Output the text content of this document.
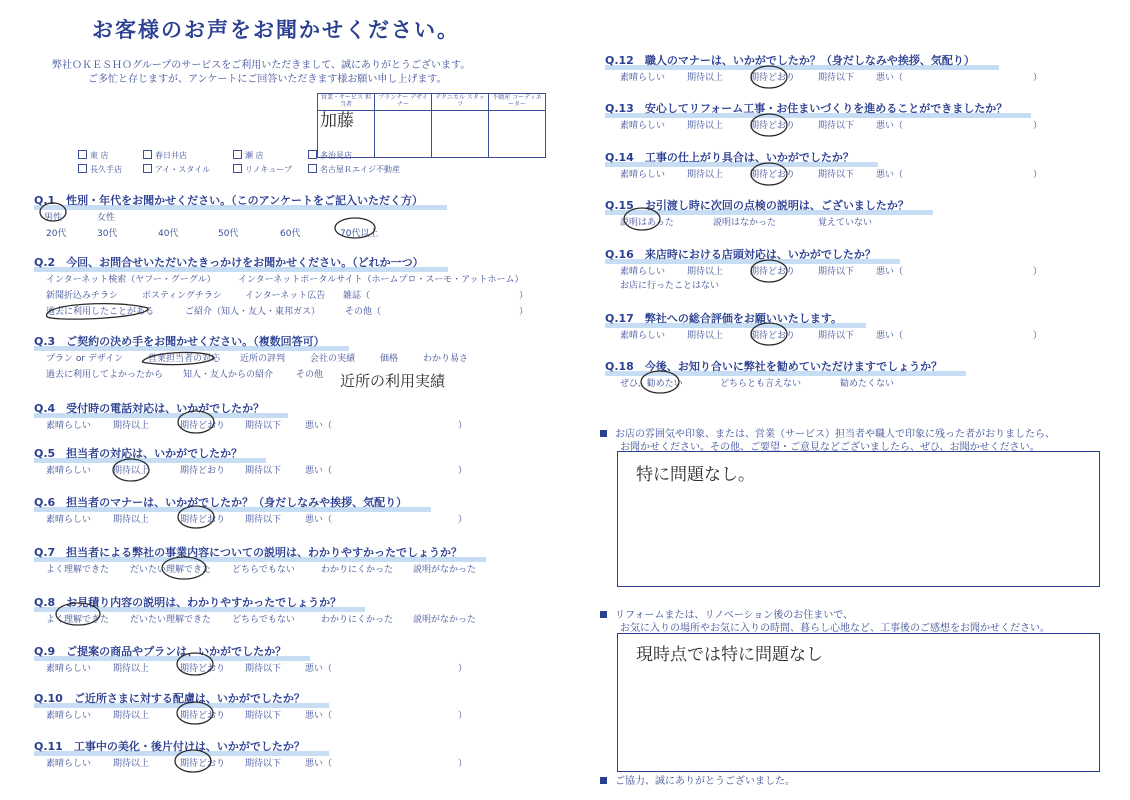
お客様のお声をお聞かせください。
弊社ＯＫＥＳＨＯグループのサービスをご利用いただきまして、誠にありがとうございます。
ご多忙と存じますが、アンケートにご回答いただきます様お願い申し上げます。
営業・サービス 担当者	プランナー デザイナー	テクニカル スタッフ	不動産 コーディネーター
加藤			
東 店	春日井店	瀬 店	多治見店
長久手店	アイ・スタイル	リノキューブ	名古屋Ｒエイジ不動産
Q.1　性別・年代をお聞かせください。（このアンケートをご記入いただく方）
男性	女性
20代	30代	40代	50代	60代	70代以上
Q.2　今回、お問合せいただいたきっかけをお聞かせください。（どれか一つ）
インターネット検索（ヤフー・グーグル） インターネットポータルサイト（ホームプロ・スーモ・アットホーム）
新聞折込みチラシ	ポスティングチラシ	インターネット広告 雑誌（	）
過去に利用したことがある	ご紹介（知人・友人・東邦ガス）	その他（	）
Q.3　ご契約の決め手をお聞かせください。（複数回答可）
プラン or デザイン	営業担当者の対応 近所の評判	会社の実績	価格	わかり易さ
過去に利用してよかったから 知人・友人からの紹介	その他
Q.4　受付時の電話対応は、いかがでしたか？
素晴らしい 期待以上	期待どおり 期待以下	悪い（	）
Q.5　担当者の対応は、いかがでしたか？
素晴らしい 期待以上	期待どおり 期待以下	悪い（	）
Q.6　担当者のマナーは、いかがでしたか？（身だしなみや挨拶、気配り）
素晴らしい 期待以上	期待どおり 期待以下	悪い（	）
Q.7　担当者による弊社の事業内容についての説明は、わかりやすかったでしょうか？
よく理解できた だいたい理解できた どちらでもない	わかりにくかった 説明がなかった
Q.8　お見積り内容の説明は、わかりやすかったでしょうか？
よく理解できた だいたい理解できた どちらでもない	わかりにくかった 説明がなかった
Q.9　ご提案の商品やプランは、いかがでしたか？
素晴らしい 期待以上	期待どおり 期待以下	悪い（	）
Q.10　ご近所さまに対する配慮は、いかがでしたか？
素晴らしい 期待以上	期待どおり 期待以下	悪い（	）
Q.11　工事中の美化・後片付けは、いかがでしたか？
素晴らしい 期待以上	期待どおり 期待以下	悪い（	）
Q.12　職人のマナーは、いかがでしたか？（身だしなみや挨拶、気配り）
素晴らしい 期待以上	期待どおり	期待以下 悪い（	）
Q.13　安心してリフォーム工事・お住まいづくりを進めることができましたか？
素晴らしい 期待以上	期待どおり	期待以下 悪い（	）
Q.14　工事の仕上がり具合は、いかがでしたか？
素晴らしい 期待以上	期待どおり	期待以下 悪い（	）
Q.15　お引渡し時に次回の点検の説明は、ございましたか？
説明はあった	説明はなかった	覚えていない
Q.16　来店時における店頭対応は、いかがでしたか？
素晴らしい 期待以上	期待どおり	期待以下 悪い（	）
お店に行ったことはない
Q.17　弊社への総合評価をお願いいたします。
素晴らしい 期待以上	期待どおり	期待以下 悪い（	）
Q.18　今後、お知り合いに弊社を勧めていただけますでしょうか？
ぜひ、勧めたい	どちらとも言えない	勧めたくない
近所の利用実績
お店の雰囲気や印象、または、営業（サービス）担当者や職人で印象に残った者がおりましたら、
お聞かせください。その他、ご要望・ご意見などございましたら、ぜひ、お聞かせください。
特に問題なし。
リフォームまたは、リノベーション後のお住まいで、
お気に入りの場所やお気に入りの時間、暮らし心地など、工事後のご感想をお聞かせください。
現時点では特に問題なし
ご協力、誠にありがとうございました。
